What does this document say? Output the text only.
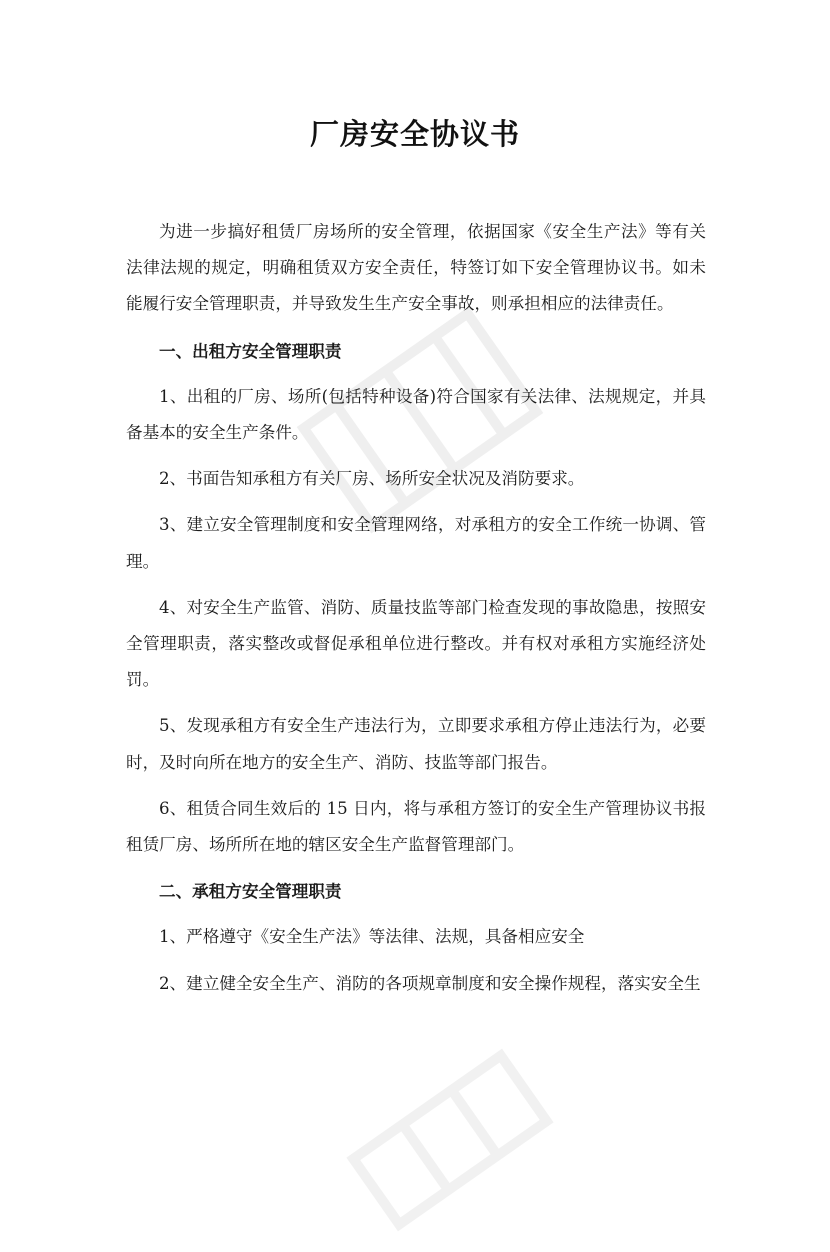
厂房安全协议书

为进一步搞好租赁厂房场所的安全管理，依据国家《安全生产法》等有关法律法规的规定，明确租赁双方安全责任，特签订如下安全管理协议书。如未能履行安全管理职责，并导致发生生产安全事故，则承担相应的法律责任。

一、出租方安全管理职责

1、出租的厂房、场所(包括特种设备)符合国家有关法律、法规规定，并具备基本的安全生产条件。

2、书面告知承租方有关厂房、场所安全状况及消防要求。

3、建立安全管理制度和安全管理网络，对承租方的安全工作统一协调、管理。

4、对安全生产监管、消防、质量技监等部门检查发现的事故隐患，按照安全管理职责，落实整改或督促承租单位进行整改。并有权对承租方实施经济处罚。

5、发现承租方有安全生产违法行为，立即要求承租方停止违法行为，必要时，及时向所在地方的安全生产、消防、技监等部门报告。

6、租赁合同生效后的 15 日内，将与承租方签订的安全生产管理协议书报租赁厂房、场所所在地的辖区安全生产监督管理部门。

二、承租方安全管理职责

1、严格遵守《安全生产法》等法律、法规，具备相应安全

2、建立健全安全生产、消防的各项规章制度和安全操作规程，落实安全生
